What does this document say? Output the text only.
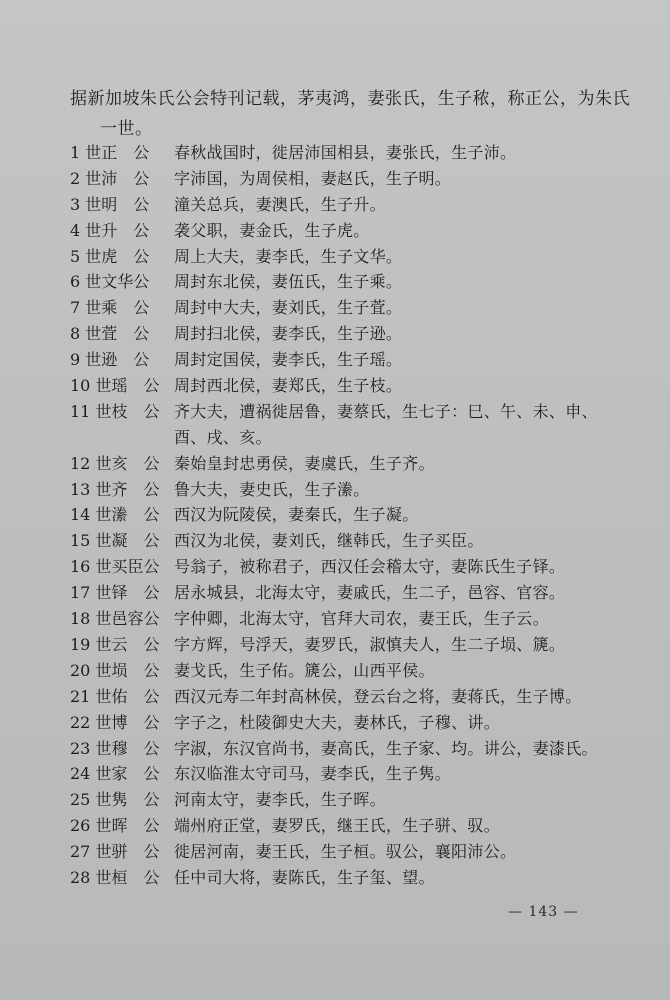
据新加坡朱氏公会特刊记载，茅夷鸿，妻张氏，生子秾，称正公，为朱氏
一世。
1 世正　公	春秋战国时，徙居沛国相县，妻张氏，生子沛。
2 世沛　公	字沛国，为周侯相，妻赵氏，生子明。
3 世明　公	潼关总兵，妻澳氏，生子升。
4 世升　公	袭父职，妻金氏，生子虎。
5 世虎　公	周上大夫，妻李氏，生子文华。
6 世文华公	周封东北侯，妻伍氏，生子乘。
7 世乘　公	周封中大夫，妻刘氏，生子萓。
8 世萓　公	周封扫北侯，妻李氏，生子逊。
9 世逊　公	周封定国侯，妻李氏，生子瑶。
10 世瑶　公 周封西北侯，妻郑氏，生子枝。
11 世枝　公 齐大夫，遭祸徙居鲁，妻蔡氏，生七子：巳、午、未、申、酉、戌、亥。
12 世亥　公 秦始皇封忠勇侯，妻虞氏，生子齐。
13 世齐　公 鲁大夫，妻史氏，生子潫。
14 世潫　公 西汉为阮陵侯，妻秦氏，生子凝。
15 世凝　公 西汉为北侯，妻刘氏，继韩氏，生子买臣。
16 世买臣公 号翁子，被称君子，西汉任会稽太守，妻陈氏生子铎。
17 世铎　公 居永城县，北海太守，妻戚氏，生二子，邑容、官容。
18 世邑容公 字仲卿，北海太守，官拜大司农，妻王氏，生子云。
19 世云　公 字方辉，号浮天，妻罗氏，淑慎夫人，生二子埙、篪。
20 世埙　公 妻戈氏，生子佑。篪公，山西平侯。
21 世佑　公 西汉元寿二年封高林侯，登云台之将，妻蒋氏，生子博。
22 世博　公 字子之，杜陵御史大夫，妻林氏，子穆、讲。
23 世穆　公 字淑，东汉官尚书，妻高氏，生子家、均。讲公，妻漆氏。
24 世家　公 东汉临淮太守司马，妻李氏，生子隽。
25 世隽　公 河南太守，妻李氏，生子晖。
26 世晖　公 端州府正堂，妻罗氏，继王氏，生子骈、驭。
27 世骈　公 徙居河南，妻王氏，生子桓。驭公，襄阳沛公。
28 世桓　公 任中司大将，妻陈氏，生子玺、望。
— 143 —
